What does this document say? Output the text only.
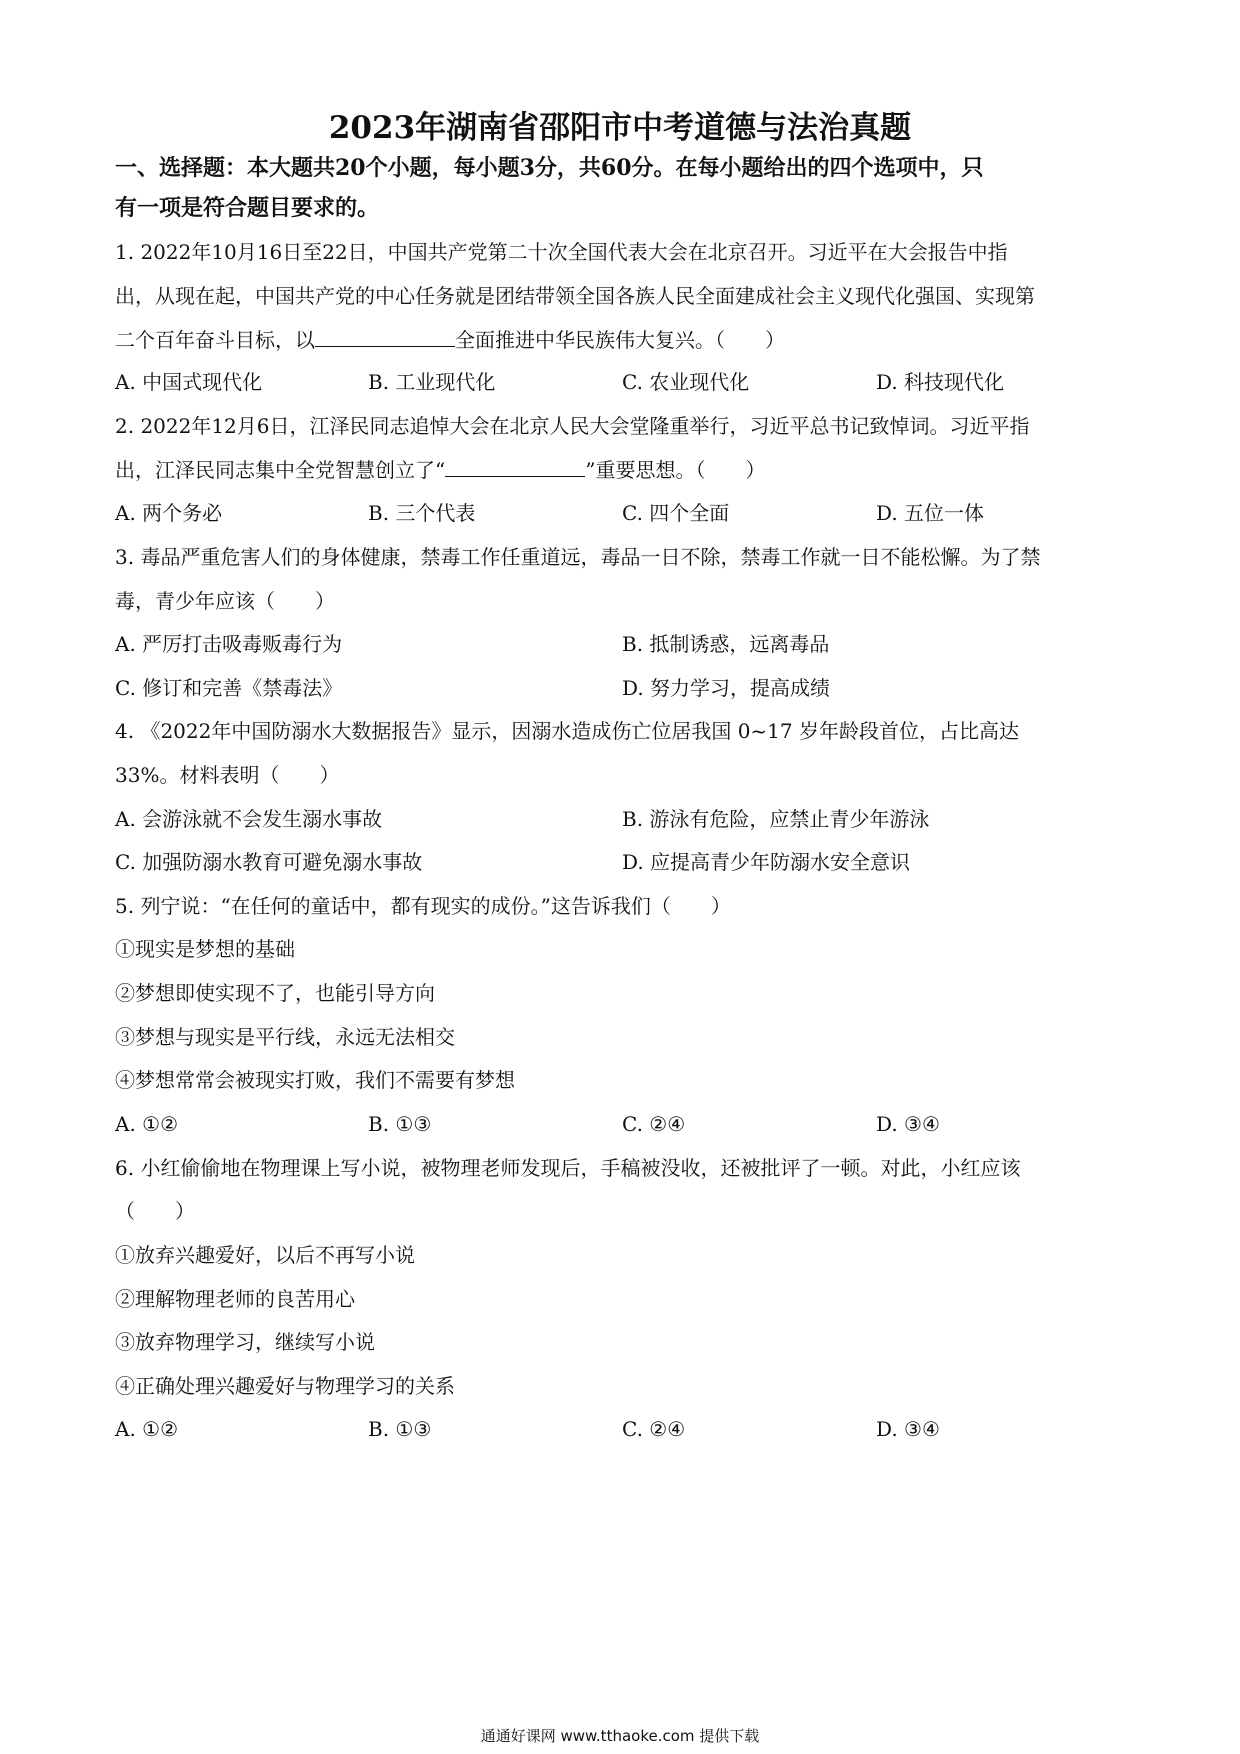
2023年湖南省邵阳市中考道德与法治真题
一、选择题：本大题共20个小题，每小题3分，共60分。在每小题给出的四个选项中，只
有一项是符合题目要求的。
1. 2022年10月16日至22日，中国共产党第二十次全国代表大会在北京召开。习近平在大会报告中指
出，从现在起，中国共产党的中心任务就是团结带领全国各族人民全面建成社会主义现代化强国、实现第
二个百年奋斗目标，以	全面推进中华民族伟大复兴。（　　）
A. 中国式现代化	B. 工业现代化	C. 农业现代化	D. 科技现代化
2. 2022年12月6日，江泽民同志追悼大会在北京人民大会堂隆重举行，习近平总书记致悼词。习近平指
出，江泽民同志集中全党智慧创立了“	”重要思想。（　　）
A. 两个务必	B. 三个代表	C. 四个全面	D. 五位一体
3. 毒品严重危害人们的身体健康，禁毒工作任重道远，毒品一日不除，禁毒工作就一日不能松懈。为了禁
毒，青少年应该（　　）
A. 严厉打击吸毒贩毒行为	B. 抵制诱惑，远离毒品
C. 修订和完善《禁毒法》	D. 努力学习，提高成绩
4. 《2022年中国防溺水大数据报告》显示，因溺水造成伤亡位居我国 0~17 岁年龄段首位，占比高达
33%。材料表明（　　）
A. 会游泳就不会发生溺水事故	B. 游泳有危险，应禁止青少年游泳
C. 加强防溺水教育可避免溺水事故	D. 应提高青少年防溺水安全意识
5. 列宁说：“在任何的童话中，都有现实的成份。”这告诉我们（　　）
①现实是梦想的基础
②梦想即使实现不了，也能引导方向
③梦想与现实是平行线，永远无法相交
④梦想常常会被现实打败，我们不需要有梦想
A. ①②	B. ①③	C. ②④	D. ③④
6. 小红偷偷地在物理课上写小说，被物理老师发现后，手稿被没收，还被批评了一顿。对此，小红应该
（　　）
①放弃兴趣爱好，以后不再写小说
②理解物理老师的良苦用心
③放弃物理学习，继续写小说
④正确处理兴趣爱好与物理学习的关系
A. ①②	B. ①③	C. ②④	D. ③④
通通好课网 www.tthaoke.com 提供下载
